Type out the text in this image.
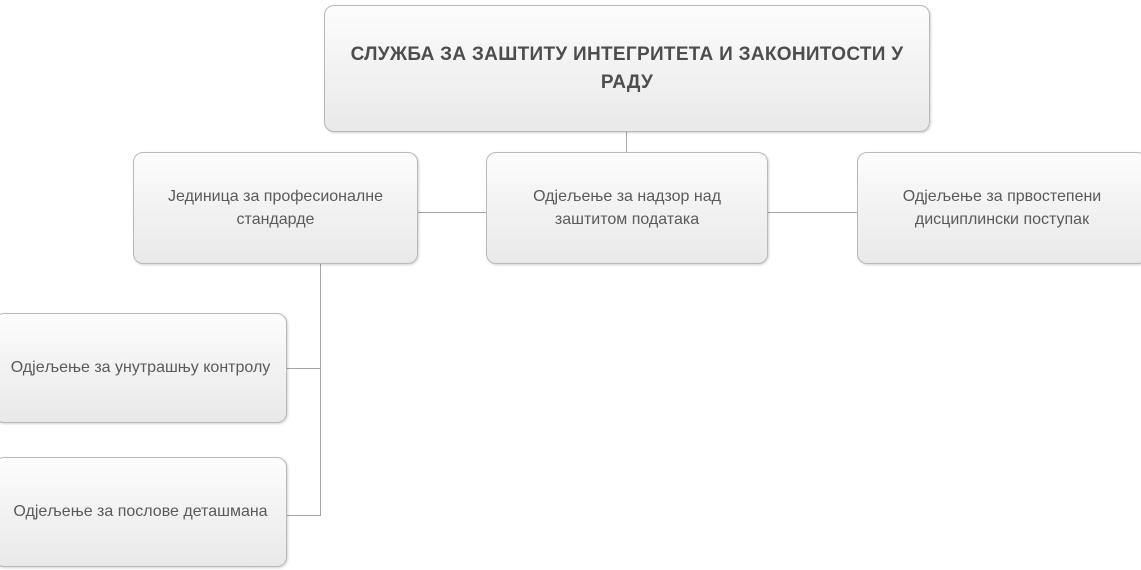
СЛУЖБА ЗА ЗАШТИТУ ИНТЕГРИТЕТА И ЗАКОНИТОСТИ У РАДУ
Јединица за професионалне стандарде
Одјељење за надзор над заштитом података
Одјељење за првостепени дисциплински поступак
Одјељење за унутрашњу контролу
Одјељење за послове деташмана
